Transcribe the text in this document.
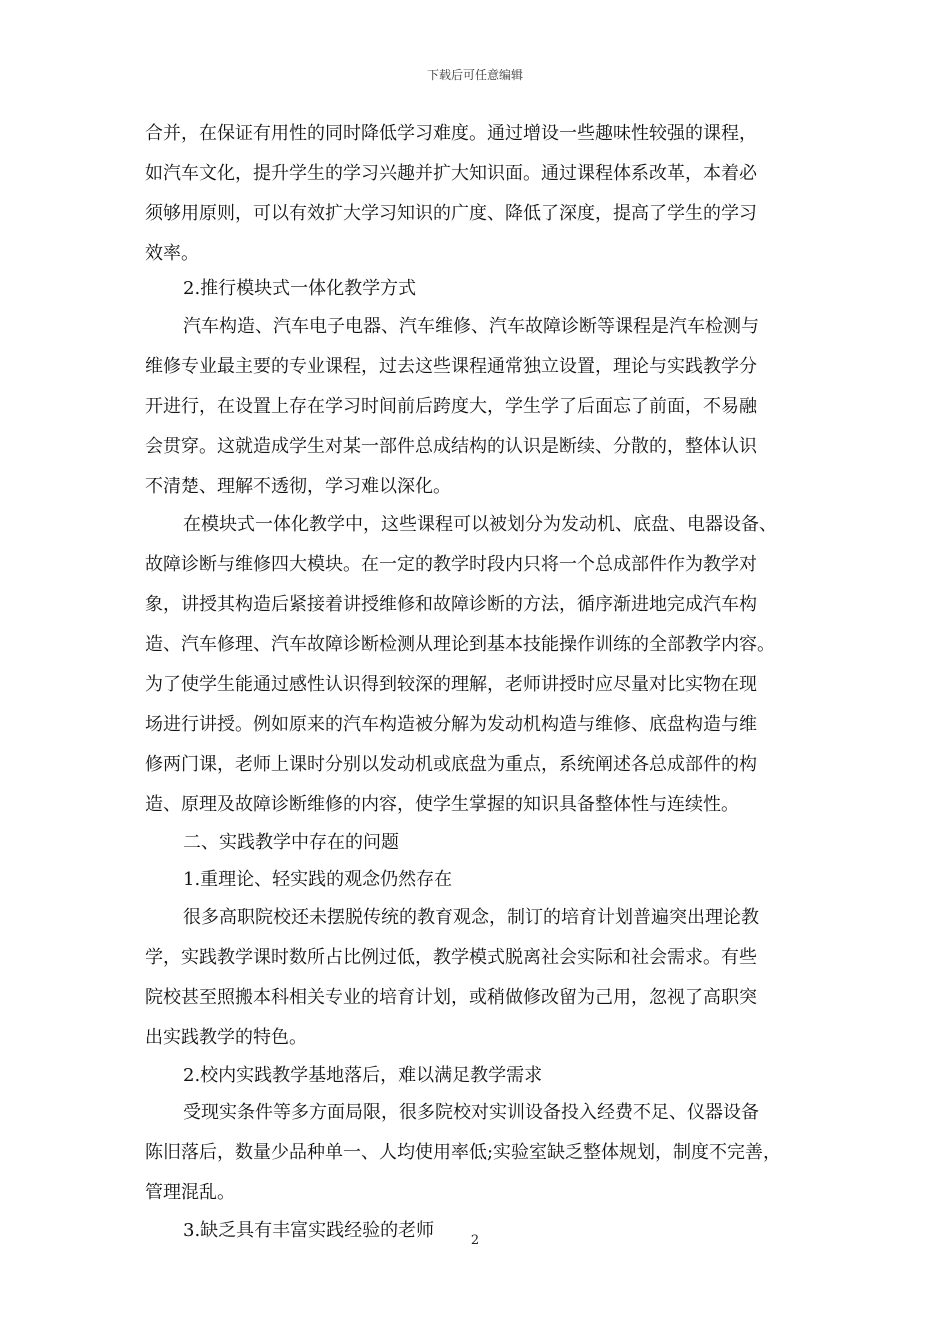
下载后可任意编辑
合并，在保证有用性的同时降低学习难度。通过增设一些趣味性较强的课程，
如汽车文化，提升学生的学习兴趣并扩大知识面。通过课程体系改革，本着必
须够用原则，可以有效扩大学习知识的广度、降低了深度，提高了学生的学习
效率。
2.推行模块式一体化教学方式
汽车构造、汽车电子电器、汽车维修、汽车故障诊断等课程是汽车检测与
维修专业最主要的专业课程，过去这些课程通常独立设置，理论与实践教学分
开进行，在设置上存在学习时间前后跨度大，学生学了后面忘了前面，不易融
会贯穿。这就造成学生对某一部件总成结构的认识是断续、分散的，整体认识
不清楚、理解不透彻，学习难以深化。
在模块式一体化教学中，这些课程可以被划分为发动机、底盘、电器设备、
故障诊断与维修四大模块。在一定的教学时段内只将一个总成部件作为教学对
象，讲授其构造后紧接着讲授维修和故障诊断的方法，循序渐进地完成汽车构
造、汽车修理、汽车故障诊断检测从理论到基本技能操作训练的全部教学内容。
为了使学生能通过感性认识得到较深的理解，老师讲授时应尽量对比实物在现
场进行讲授。例如原来的汽车构造被分解为发动机构造与维修、底盘构造与维
修两门课，老师上课时分别以发动机或底盘为重点，系统阐述各总成部件的构
造、原理及故障诊断维修的内容，使学生掌握的知识具备整体性与连续性。
二、实践教学中存在的问题
1.重理论、轻实践的观念仍然存在
很多高职院校还未摆脱传统的教育观念，制订的培育计划普遍突出理论教
学，实践教学课时数所占比例过低，教学模式脱离社会实际和社会需求。有些
院校甚至照搬本科相关专业的培育计划，或稍做修改留为己用，忽视了高职突
出实践教学的特色。
2.校内实践教学基地落后，难以满足教学需求
受现实条件等多方面局限，很多院校对实训设备投入经费不足、仪器设备
陈旧落后，数量少品种单一、人均使用率低;实验室缺乏整体规划，制度不完善，
管理混乱。
3.缺乏具有丰富实践经验的老师	2
